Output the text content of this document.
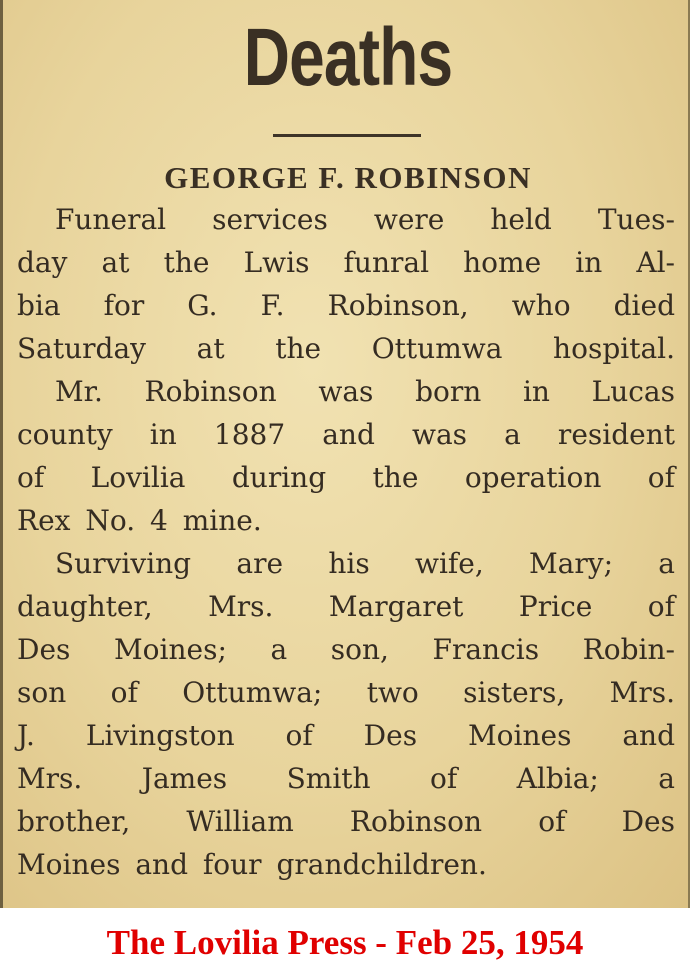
Deaths
GEORGE F. ROBINSON
Funeral services were held Tues-
day at the Lwis funral home in Al-
bia for G. F. Robinson, who died
Saturday at the Ottumwa hospital.
Mr. Robinson was born in Lucas
county in 1887 and was a resident
of Lovilia during the operation of
Rex No. 4 mine.
Surviving are his wife, Mary; a
daughter, Mrs. Margaret Price of
Des Moines; a son, Francis Robin-
son of Ottumwa; two sisters, Mrs.
J. Livingston of Des Moines and
Mrs. James Smith of Albia; a
brother, William Robinson of Des
Moines and four grandchildren.
The Lovilia Press - Feb 25, 1954
